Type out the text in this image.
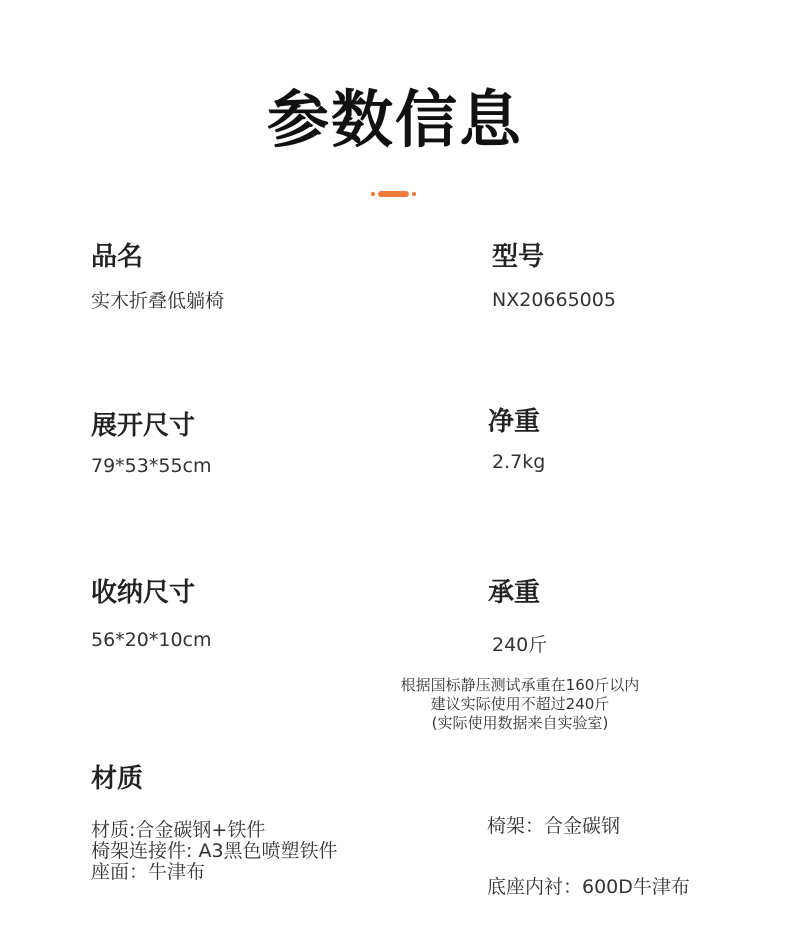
参数信息
品名
实木折叠低躺椅
型号
NX20665005
展开尺寸
79*53*55cm
净重
2.7kg
收纳尺寸
56*20*10cm
承重
240斤
根据国标静压测试承重在160斤以内
建议实际使用不超过240斤
(实际使用数据来自实验室)
材质
材质:合金碳钢+铁件
椅架连接件: A3黑色喷塑铁件
座面：牛津布
椅架：合金碳钢
底座内衬：600D牛津布
